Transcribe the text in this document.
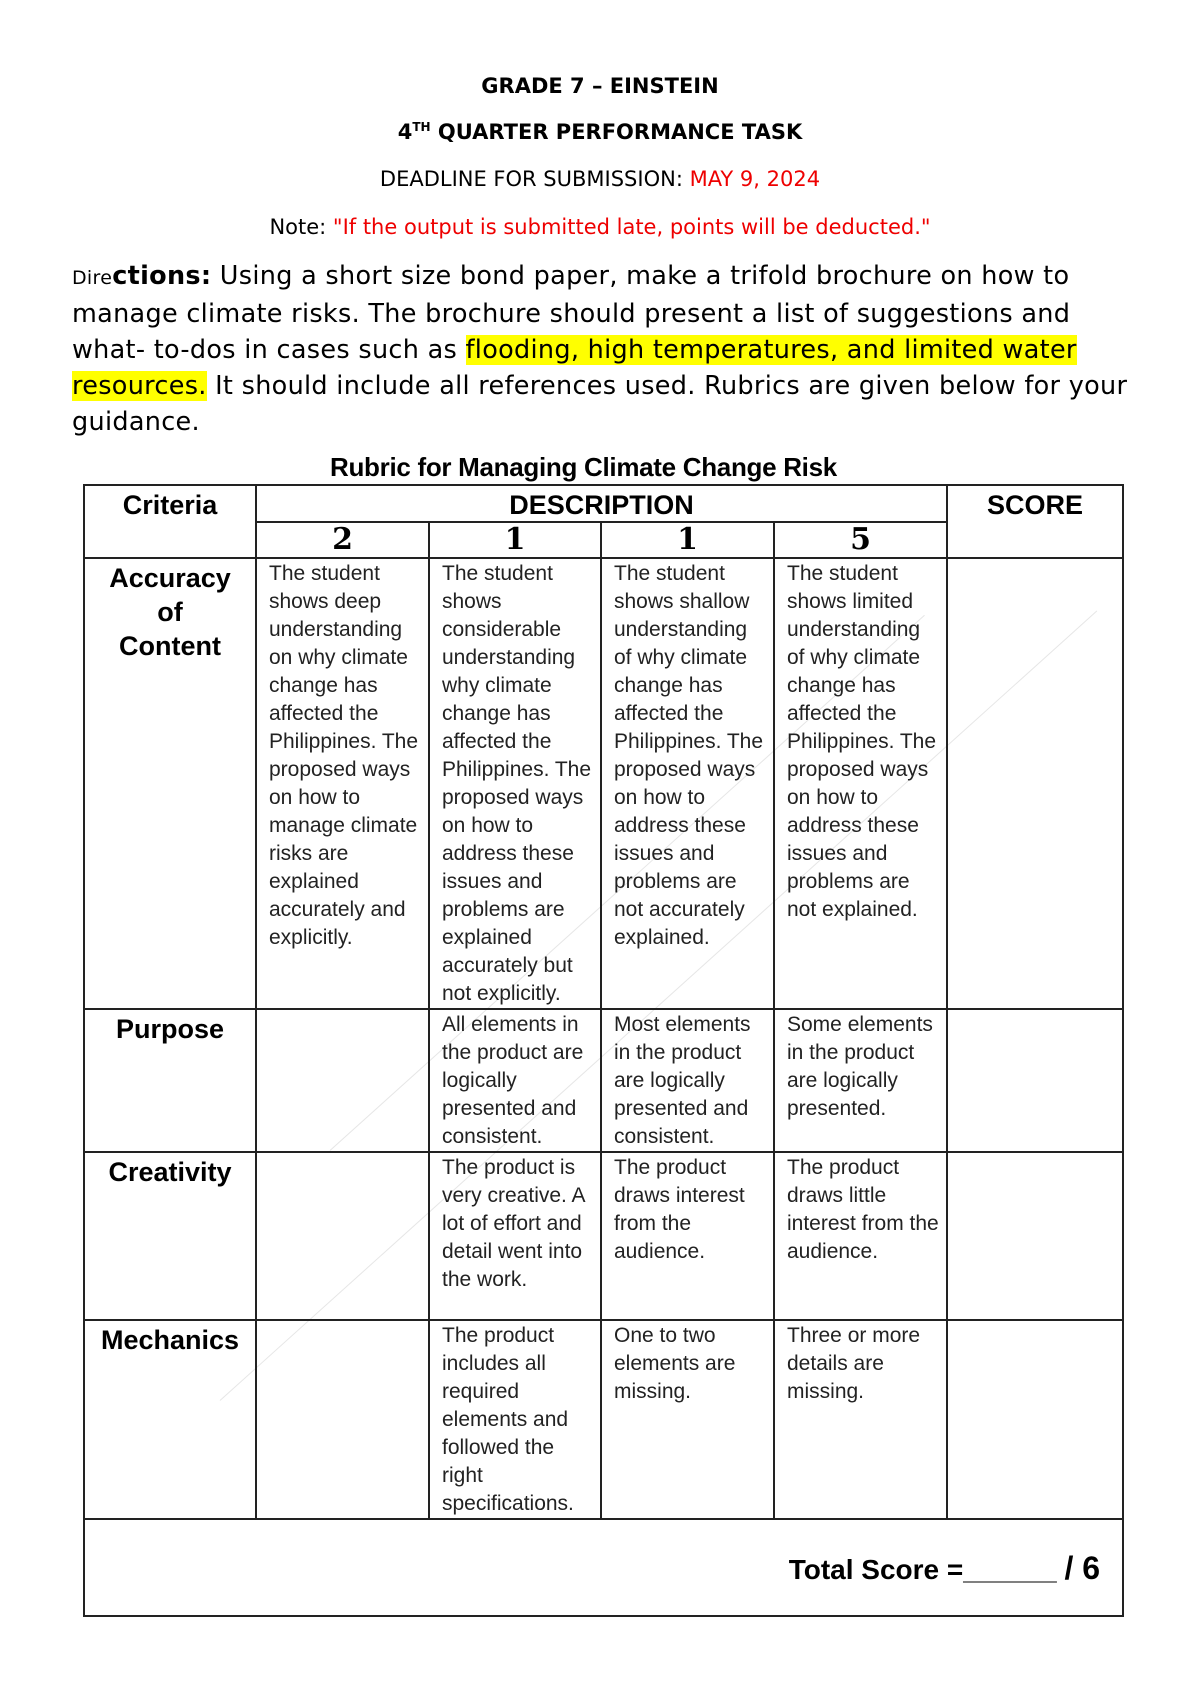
GRADE 7 – EINSTEIN
4TH QUARTER PERFORMANCE TASK
DEADLINE FOR SUBMISSION: MAY 9, 2024
Note: "If the output is submitted late, points will be deducted."
Directions: Using a short size bond paper, make a trifold brochure on how to manage climate risks. The brochure should present a list of suggestions and what- to-dos in cases such as flooding, high temperatures, and limited water resources. It should include all references used. Rubrics are given below for your guidance.
Rubric for Managing Climate Change Risk
Criteria	DESCRIPTION				SCORE
	2	1	1	5	

Accuracy of Content	The student shows deep understanding on why climate change has affected the Philippines. The proposed ways on how to manage climate risks are explained accurately and explicitly.	The student shows considerable understanding why climate change has affected the Philippines. The proposed ways on how to address these issues and problems are explained accurately but not explicitly.	The student shows shallow understanding of why climate change has affected the Philippines. The proposed ways on how to address these issues and problems are not accurately explained.	The student shows limited understanding of why climate change has affected the Philippines. The proposed ways on how to address these issues and problems are not explained.	
Purpose		All elements in the product are logically presented and consistent.	Most elements in the product are logically presented and consistent.	Some elements in the product are logically presented.	
Creativity		The product is very creative. A lot of effort and detail went into the work.	The product draws interest from the audience.	The product draws little interest from the audience.	
Mechanics		The product includes all required elements and followed the right specifications.	One to two elements are missing.	Three or more details are missing.	

Total Score =______ / 6					
